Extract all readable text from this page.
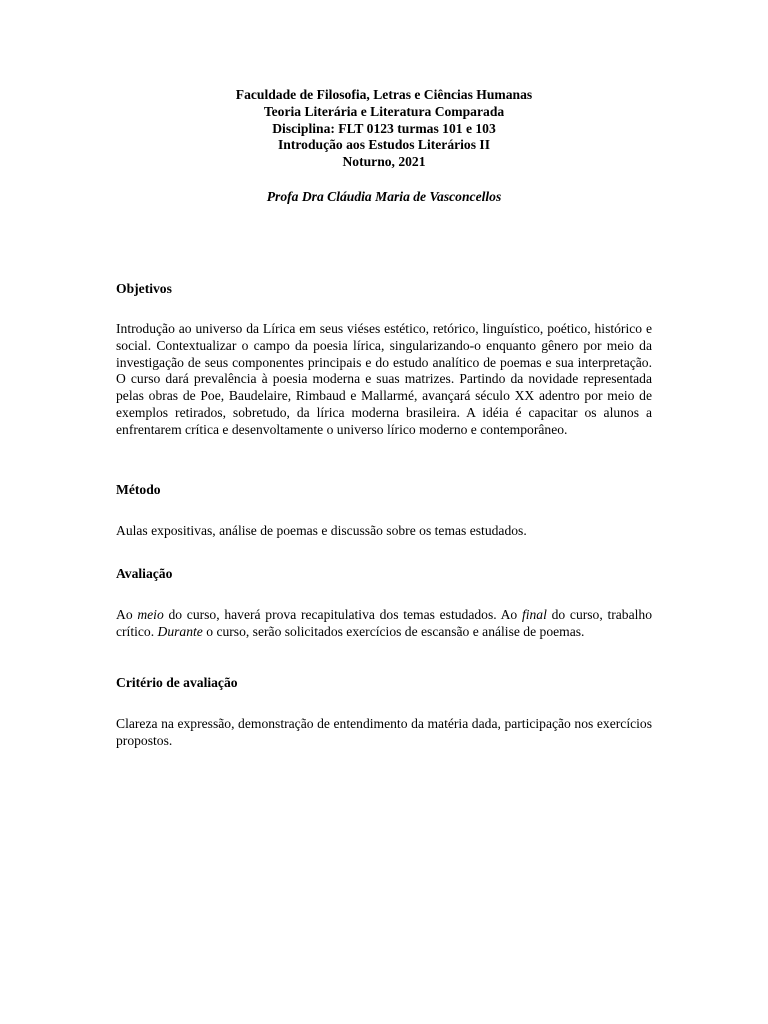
Faculdade de Filosofia, Letras e Ciências Humanas
Teoria Literária e Literatura Comparada
Disciplina: FLT 0123 turmas 101 e 103
Introdução aos Estudos Literários II
Noturno, 2021
Profa Dra Cláudia Maria de Vasconcellos
Objetivos
Introdução ao universo da Lírica em seus viéses estético, retórico, linguístico, poético, histórico e social. Contextualizar o campo da poesia lírica, singularizando-o enquanto gênero por meio da investigação de seus componentes principais e do estudo analítico de poemas e sua interpretação. O curso dará prevalência à poesia moderna e suas matrizes. Partindo da novidade representada pelas obras de Poe, Baudelaire, Rimbaud e Mallarmé, avançará século XX adentro por meio de exemplos retirados, sobretudo, da lírica moderna brasileira. A idéia é capacitar os alunos a enfrentarem crítica e desenvoltamente o universo lírico moderno e contemporâneo.
Método
Aulas expositivas, análise de poemas e discussão sobre os temas estudados.
Avaliação
Ao meio do curso, haverá prova recapitulativa dos temas estudados. Ao final do curso, trabalho crítico. Durante o curso, serão solicitados exercícios de escansão e análise de poemas.
Critério de avaliação
Clareza na expressão, demonstração de entendimento da matéria dada, participação nos exercícios propostos.
